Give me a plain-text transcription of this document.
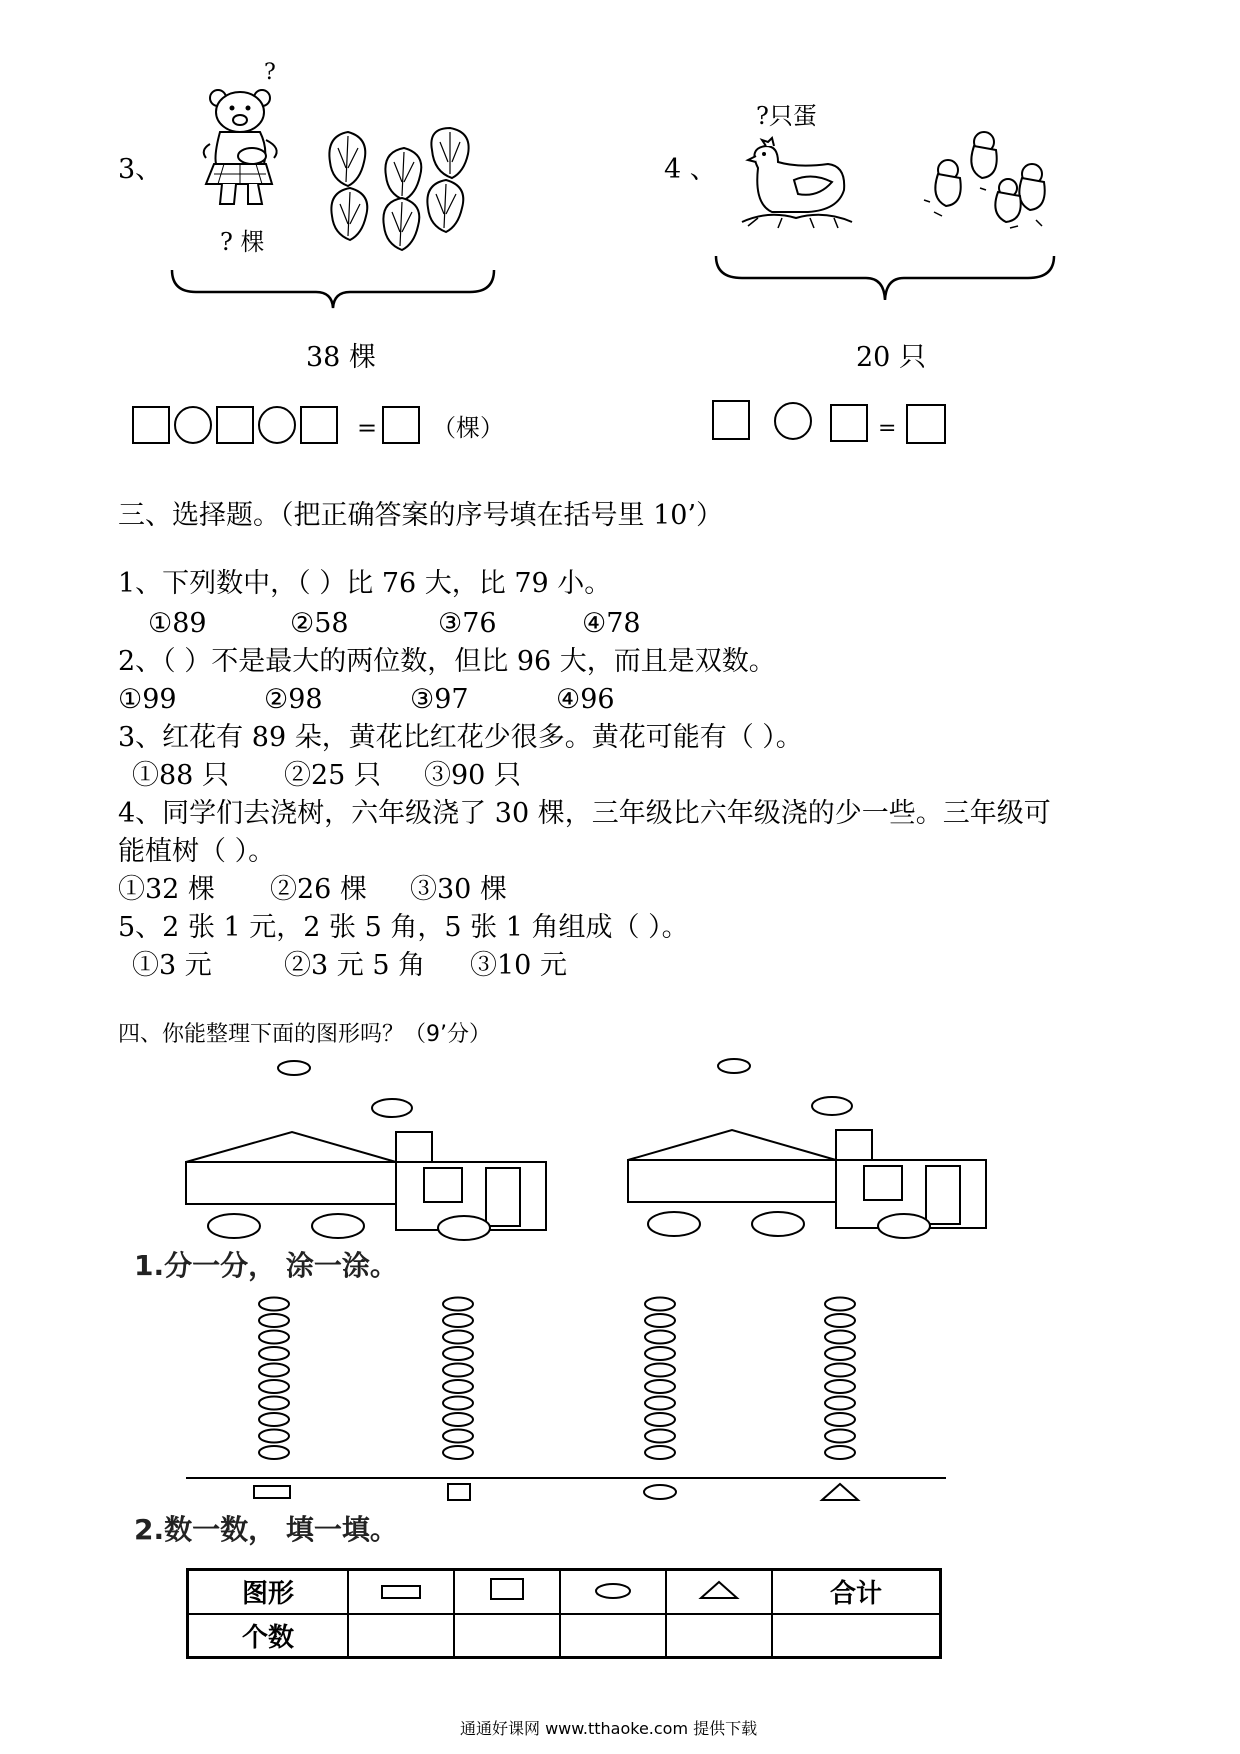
3、
?
? 棵
38 棵
= （棵）
4 、
?只蛋
20 只
=
三、选择题。（把正确答案的序号填在括号里 10’）
1、下列数中，（ ）比 76 大，比 79 小。
①89	②58	③76	④78
2、（ ）不是最大的两位数，但比 96 大，而且是双数。
①99	②98	③97	④96
3、红花有 89 朵，黄花比红花少很多。黄花可能有（ ）。
①88 只 ②25 只 ③90 只
4、同学们去浇树，六年级浇了 30 棵，三年级比六年级浇的少一些。三年级可
能植树（ ）。
①32 棵 ②26 棵 ③30 棵
5、2 张 1 元，2 张 5 角，5 张 1 角组成（ ）。
①3 元	②3 元 5 角 ③10 元
四、你能整理下面的图形吗？（9’分）
1.分一分， 涂一涂。
2.数一数， 填一填。
图形					合计
个数					
通通好课网 www.tthaoke.com 提供下载
